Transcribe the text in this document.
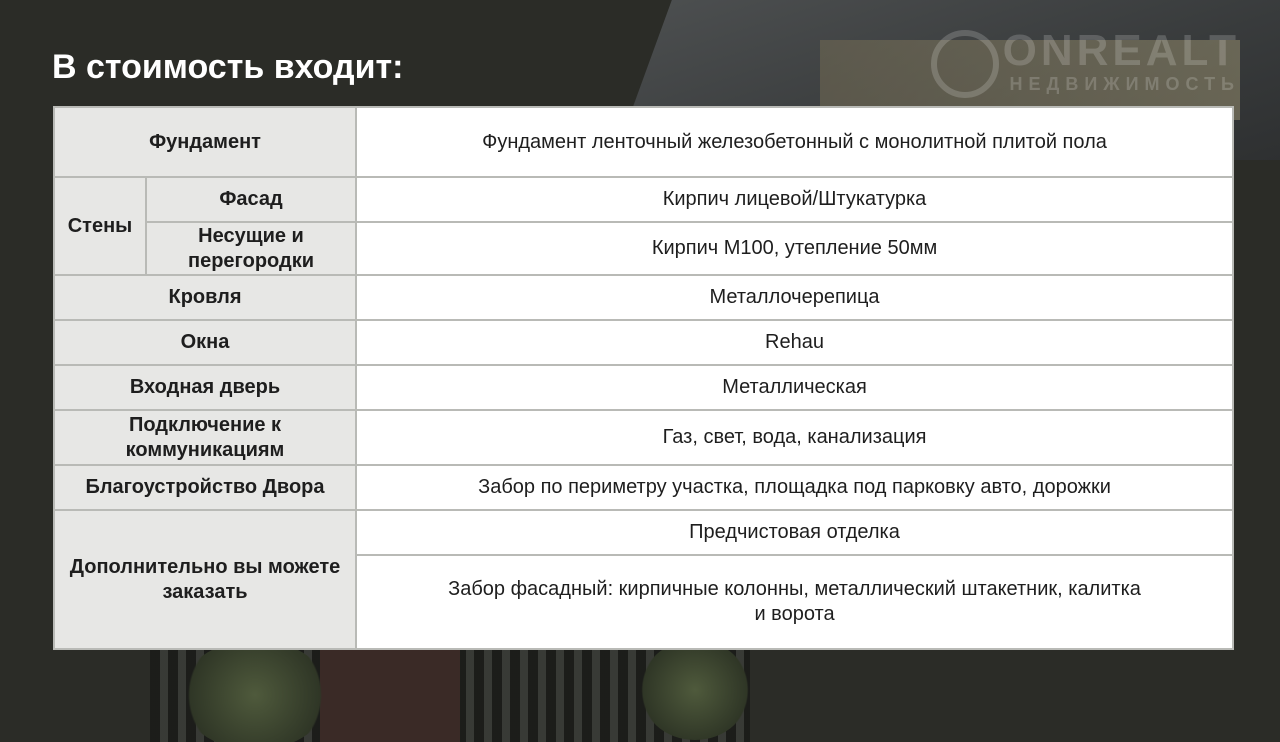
ONREALT
НЕДВИЖИМОСТЬ
В стоимость входит:
Фундамент		Фундамент ленточный железобетонный с монолитной плитой пола
Стены	Фасад	Кирпич лицевой/Штукатурка
	Несущие и перегородки	Кирпич М100, утепление 50мм
Кровля		Металлочерепица
Окна		Rehau
Входная дверь		Металлическая
Подключение к коммуникациям		Газ, свет, вода, канализация
Благоустройство Двора		Забор по периметру участка, площадка под парковку авто, дорожки
Дополнительно вы можете заказать		Предчистовая отделка
		Забор фасадный: кирпичные колонны, металлический штакетник, калитка и ворота
